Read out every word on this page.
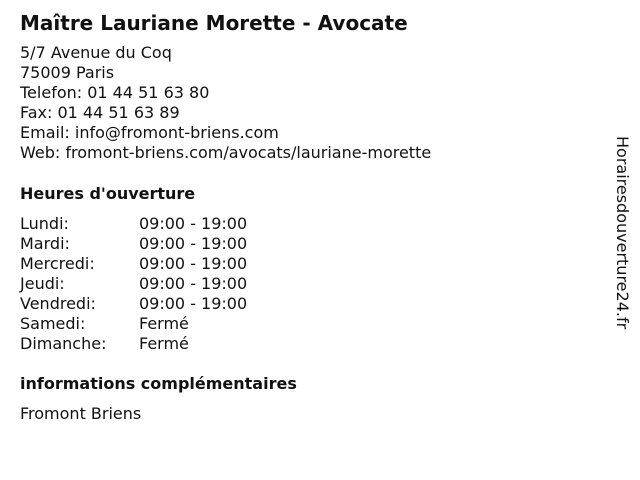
Maître Lauriane Morette - Avocate
5/7 Avenue du Coq
75009 Paris
Telefon: 01 44 51 63 80
Fax: 01 44 51 63 89
Email: info@fromont-briens.com
Web: fromont-briens.com/avocats/lauriane-morette
Heures d'ouverture
Lundi:	09:00 - 19:00
Mardi:	09:00 - 19:00
Mercredi:	09:00 - 19:00
Jeudi:	09:00 - 19:00
Vendredi:	09:00 - 19:00
Samedi:	Fermé
Dimanche: Fermé
informations complémentaires
Fromont Briens
Horairesdouverture24.fr
